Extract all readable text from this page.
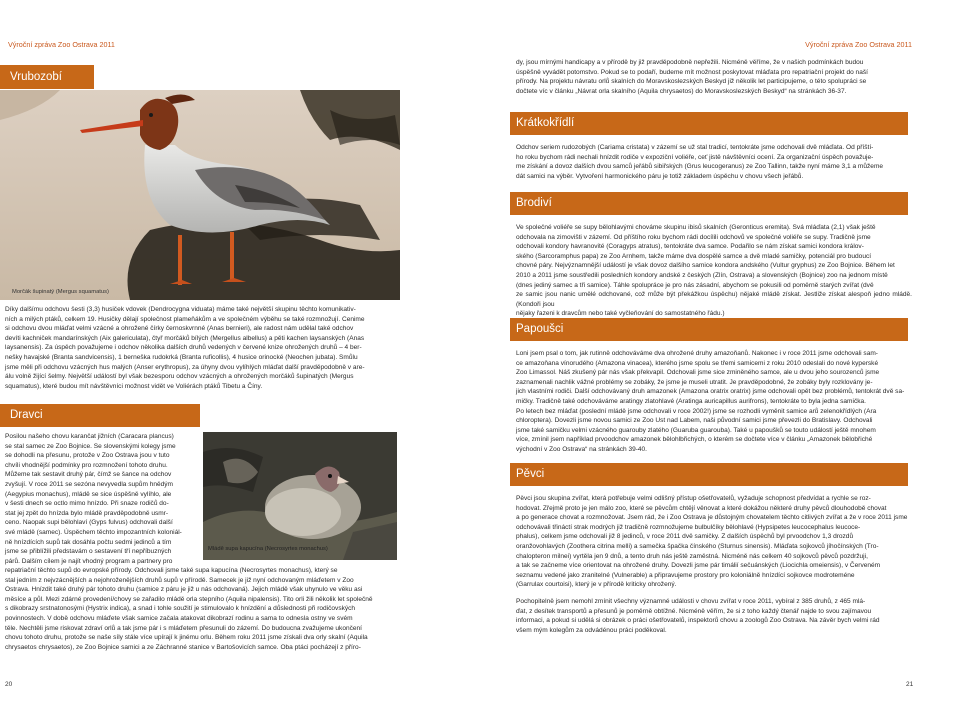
Výroční zpráva Zoo Ostrava 2011	Výroční zpráva Zoo Ostrava 2011
Morčák šupinatý (Mergus squamatus)
Vrubozobí
Dravci
Krátkokřídlí
Brodiví
Papoušci
Pěvci
Díky dalšímu odchovu šesti (3,3) husiček vdovek (Dendrocygna viduata) máme také největší skupinu těchto komunikativ-
ních a milých ptáků, celkem 19. Husičky dělají společnost plameňákům a ve společném výběhu se také rozmnožují. Cenime
si odchovu dvou mláďat velmi vzácné a ohrožené čírky černoskvrnné (Anas bernieri), ale radost nám udělal také odchov
devíti kachniček mandarínských (Aix galericulata), čtyř morčáků bílých (Mergellus albellus) a pěti kachen laysanských (Anas
laysanensis). Za úspěch považujeme i odchov několika dalších druhů vedených v červené knize ohrožených druhů – 4 ber-
nešky havajské (Branta sandvicensis), 1 berneška rudokrká (Branta ruficollis), 4 husice orinocké (Neochen jubata). Smůlu
jsme měli při odchovu vzácných hus malých (Anser erythropus), za úhyny dvou vylíhlých mláďat další pravděpodobně v are-
álu volně žijící šelmy. Největší událostí byl však bezesporu odchov vzácných a ohrožených morčáků šupinatých (Mergus
squamatus), které budou mít návštěvníci možnost vidět ve Voliérách ptáků Tibetu a Číny.
Posilou našeho chovu karančat jižních (Caracara plancus)
se stal samec ze Zoo Bojnice. Se slovenskými kolegy jsme
se dohodli na přesunu, protože v Zoo Ostrava jsou v tuto
chvíli vhodnější podmínky pro rozmnožení tohoto druhu.
Můžeme tak sestavit druhý pár, čímž se šance na odchov
zvyšují. V roce 2011 se sezóna nevyvedla supům hnědým
(Aegypius monachus), mládě se sice úspěšně vylíhlo, ale
v šesti dnech se octlo mimo hnízdo. Při snaze rodičů do-
stat jej zpět do hnízda bylo mládě pravděpodobně usmr-
ceno. Naopak supi bělohlaví (Gyps fulvus) odchovali další
své mládě (samec). Úspěchem těchto impozantních koloniál-
ně hnízdících supů tak dosáhla počtu sedmi jedinců a tím
jsme se přiblížili představám o sestavení tří nepříbuzných
párů. Dalším cílem je najít vhodný program a partnery pro
Mládě supa kapucína (Necrosyrtes monachus)
repatriační těchto supů do evropské přírody. Odchovali jsme také supa kapucína (Necrosyrtes monachus), který se
stal jedním z nejvzácnějších a nejohroženějších druhů supů v přírodě. Samecek je již nyní odchovaným mláďetem v Zoo
Ostrava. Hnízdit také druhý pár tohoto druhu (samice z páru je již u nás odchovaná). Jejich mládě však uhynulo ve věku asi
měsíce a půl. Mezi zdárné provedení/chovy se zařadilo mládě orla stepního (Aquila nipalensis). Tito orli žili několik let společně
s dikobrazy srstnatonosými (Hystrix indica), a snad i tohle soužití je stimulovalo k hnízdění a důslednosti při rodičovských
povinnostech. V době odchovu mláďete však samice začala atakovat dikobrazí rodinu a sama to odnesla ostny ve svém
těle. Nechtěli jsme riskovat zdraví orlů a tak jsme pár i s mláďetem přesunuli do zázemí. Do budoucna zvažujeme ukončení
chovu tohoto druhu, protože se naše síly stále více upírají k jinému orlu. Během roku 2011 jsme získali dva orly skalní (Aquila
chrysaetos chrysaetos), ze Zoo Bojnice samici a ze Záchranné stanice v Bartošovicích samce. Oba ptáci pocházejí z příro-
20
dy, jsou mírnými handicapy a v přírodě by již pravděpodobně nepřežili. Nicméně věříme, že v našich podmínkách budou
úspěšně vyvádět potomstvo. Pokud se to podaří, budeme mít možnost poskytovat mláďata pro repatriační projekt do naší
přírody. Na projektu návratu orlů skalních do Moravskoslezských Beskyd již několik let participujeme, o této spolupráci se
dočtete víc v článku „Návrat orla skalního (Aquila chrysaetos) do Moravskoslezských Beskyd“ na stránkách 36-37.
Odchov seriem rudozobých (Cariama cristata) v zázemí se už stal tradicí, tentokráte jsme odchovali dvě mláďata. Od příští-
ho roku bychom rádi nechali hnízdit rodiče v expoziční voliéře, ceť jistě návštěvníci ocení. Za organizační úspěch považuje-
me získání a dovoz dalších dvou samců jeřábů sibiřských (Grus leucogeranus) ze Zoo Tallinn, takže nyní máme 3,1 a můžeme
dát samici na výběr. Vytvoření harmonického páru je totiž základem úspěchu v chovu všech jeřábů.
Ve společné voliéře se supy bělohlavými chováme skupinu ibisů skalních (Geronticus eremita). Svá mláďata (2,1) však ještě
odchovala na zimovišti v zázemí. Od příštího roku bychom rádi docílili odchovů ve společné voliéře se supy. Tradičně jsme
odchovali kondory havranovité (Coragyps atratus), tentokráte dva samce. Podařilo se nám získat samici kondora králov-
ského (Sarcoramphus papa) ze Zoo Arnhem, takže máme dva dospělé samce a dvě mladé samičky, potenciál pro budoucí
chovné páry. Nejvýznamnější událostí je však dovoz dalšího samice kondora andského (Vultur gryphus) ze Zoo Bojnice. Během let
2010 a 2011 jsme soustředili posledních kondory andské z českých (Zlín, Ostrava) a slovenských (Bojnice) zoo na jednom místě
(dnes jediný samec a tři samice). Táhle spolupráce je pro nás zásadní, abychom se pokusili od poměrně starých zvířat (dvě
ze samic jsou nanic umělé odchované, což může být překážkou úspěchu) nějaké mládě získat. Jestliže získat alespoň jedno mládě. (Kondoři jsou
nějaky řazeni k dravcům nebo také vyčleňování do samostatného řádu.)
Loni jsem psal o tom, jak rutinně odchováváme dva ohrožené druhy amazoňanů. Nakonec i v roce 2011 jsme odchovali sam-
ce amazoňana vínorudého (Amazona vinacea), kterého jsme spolu se třemi samicemi z roku 2010 odeslali do nové kyperské
Zoo Limassol. Náš zkušený pár nás však překvapil. Odchovali jsme sice zminěného samce, ale u dvou jeho sourozenců jsme
zaznamenali nachlik vážné problémy se zobáky, že jsme je museli utratit. Je pravděpodobné, že zobáky byly rozklovány je-
jich vlastními rodiči. Další odchovávaný druh amazonek (Amazona oratrix oratrix) jsme odchovali opět bez problémů, tentokrát dvě sa-
mičky. Tradičně také odchováváme aratingy zlatohlavé (Aratinga auricapillus aurifrons), tentokráte to byla jedna samička.
Po letech bez mláďat (poslední mládě jsme odchovali v roce 2002!) jsme se rozhodli vyměnit samice arů zelenokřídlých (Ara
chloroptera). Dovezli jsme novou samici ze Zoo Ust nad Labem, naši původní samici jsme převezli do Bratislavy. Odchovali
jsme také samičku velmi vzácného guarouby zlatého (Guaruba guarouba). Také u papoušků se touto událostí ještě mnohem
více, zmínil jsem například prvoodchov amazonek bělohlbřichých, o kterém se dočtete více v článku „Amazonek bělobřiché
východní v Zoo Ostrava“ na stránkách 39-40.
Pěvci jsou skupina zvířat, která potřebuje velmi odlišný přístup ošetřovatelů, vyžaduje schopnost předvídat a rychle se roz-
hodovat. Zřejmě proto je jen málo zoo, které se pěvcům chtějí věnovat a které dokážou některé druhy pěvců dlouhodobě chovat
a po generace chovat a rozmnožovat. Jsem rád, že i Zoo Ostrava je důstojným chovatelem těchto citlivých zvířat a že v roce 2011 jsme
odchovávali třináctí strak modrých již tradičně rozmnožujeme bulbulčíky bělohlavé (Hypsipetes leucocephalus leucoce-
phalus), celkem jsme odchovali již 8 jedinců, v roce 2011 dvě samičky. Z dalších úspěchů byl prvoodchov 1,3 drozdů
oranžovohlavých (Zoothera citrina melli) a samečka špačka čínského (Sturnus sinensis). Mláďata sojkovců jíhočínských (Tro-
chalopteron milnei) vyrtěla jen 9 dnů, a tento druh nás ještě zaměstná. Nicméně nás celkem 40 sojkovců pěvců pozdržuji,
a tak se začneme více orientovat na ohrožené druhy. Dovezli jsme pár timálií sečuánských (Liocichla omeiensis), v Červeném
seznamu vedené jako zranitelné (Vulnerable) a připravujeme prostory pro koloniálně hnízdící sojkovce modroteméne
(Garrulax courtoisi), který je v přírodě kriticky ohrožený.
Pochopitelně jsem nemohl zmínit všechny významné události v chovu zvířat v roce 2011, vybíral z 385 druhů, z 465 mlá-
ďat, z desítek transportů a přesunů je poměrně obtížné. Nicméně věřím, že si z toho každý čtenář najde to svou zajímavou
informaci, a pokud si udělá si obrázek o práci ošetřovatelů, inspektorů chovu a zoologů Zoo Ostrava. Na závěr bych velmi rád
všem mým kolegům za odvádénou práci poděkoval.
21
